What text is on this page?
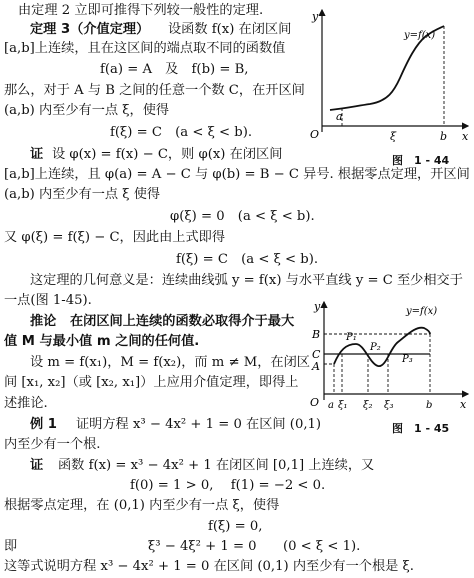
由定理 2 立即可推得下列较一般性的定理.
定理 3（介值定理） 设函数 f(x) 在闭区间
[a,b]上连续，且在这区间的端点取不同的函数值
f(a) = A　及　f(b) = B,
那么，对于 A 与 B 之间的任意一个数 C，在开区间
(a,b) 内至少有一点 ξ，使得
f(ξ) = C　(a < ξ < b).
证 设 φ(x) = f(x) − C，则 φ(x) 在闭区间
[a,b]上连续，且 φ(a) = A − C 与 φ(b) = B − C 异号. 根据零点定理，开区间
(a,b) 内至少有一点 ξ 使得
φ(ξ) = 0　(a < ξ < b).
又 φ(ξ) = f(ξ) − C，因此由上式即得
f(ξ) = C　(a < ξ < b).
这定理的几何意义是：连续曲线弧 y = f(x) 与水平直线 y = C 至少相交于
一点(图 1-45).
推论 在闭区间上连续的函数必取得介于最大
值 M 与最小值 m 之间的任何值.
设 m = f(x₁)，M = f(x₂)，而 m ≠ M，在闭区
间 [x₁, x₂]（或 [x₂, x₁]）上应用介值定理，即得上
述推论.
例 1 证明方程 x³ − 4x² + 1 = 0 在区间 (0,1)
内至少有一个根.
证 函数 f(x) = x³ − 4x² + 1 在闭区间 [0,1] 上连续，又
f(0) = 1 > 0,　 f(1) = −2 < 0.
根据零点定理，在 (0,1) 内至少有一点 ξ，使得
f(ξ) = 0,
即	ξ³ − 4ξ² + 1 = 0　　(0 < ξ < 1).
这等式说明方程 x³ − 4x² + 1 = 0 在区间 (0,1) 内至少有一个根是 ξ.
y
x
O
a
ξ	b
y=f(x)
图　1 - 44
y
x
O
B
C
A
P₁
P₂
P₃
y=f(x)
a ξ₁ ξ₂ ξ₃	b
图　1 - 45
